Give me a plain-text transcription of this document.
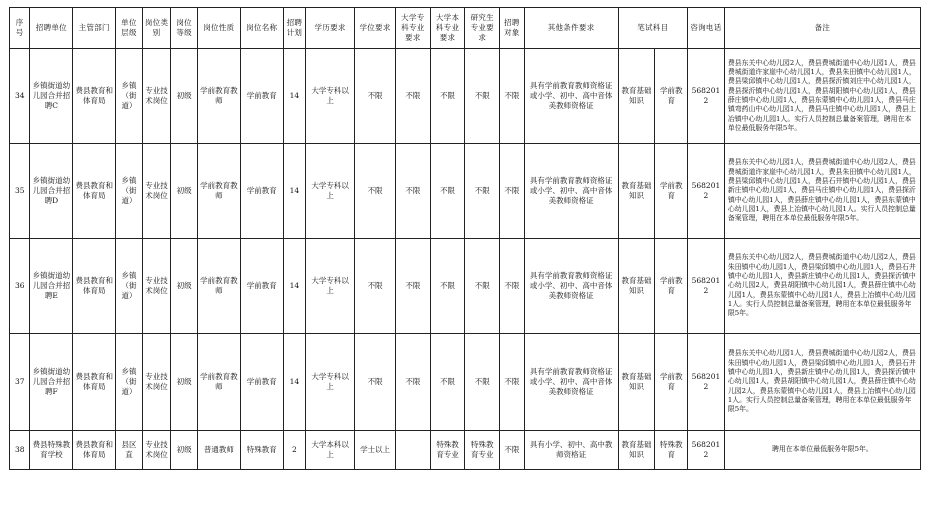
序号	招聘单位	主管部门	单位层级	岗位类别	岗位等级	岗位性质	岗位名称	招聘计划	学历要求	学位要求	大学专科专业要求	大学本科专业要求	研究生专业要求	招聘对象	其他条件要求	笔试科目		咨询电话	备注
34	乡镇街道幼儿园合并招聘C	费县教育和体育局	乡镇（街道）	专业技术岗位	初级	学前教育教师	学前教育	14	大学专科以上	不限	不限	不限	不限	不限	具有学前教育教师资格证或小学、初中、高中音体美教师资格证	教育基础知识	学前教育	5682012	费县东关中心幼儿园2人，费县费城街道中心幼儿园1人，费县费城街道许家崖中心幼儿园1人，费县朱田镇中心幼儿园1人，费县梁邱镇中心幼儿园1人，费县探沂镇刘庄中心幼儿园1人，费县探沂镇中心幼儿园1人，费县胡阳镇中心幼儿园1人，费县薛庄镇中心幼儿园1人，费县东蒙镇中心幼儿园1人，费县马庄镇弯药山中心幼儿园1人，费县马庄镇中心幼儿园1人，费县上冶镇中心幼儿园1人。实行人员控制总量备案管理，聘用在本单位最低服务年限5年。
35	乡镇街道幼儿园合并招聘D	费县教育和体育局	乡镇（街道）	专业技术岗位	初级	学前教育教师	学前教育	14	大学专科以上	不限	不限	不限	不限	不限	具有学前教育教师资格证或小学、初中、高中音体美教师资格证	教育基础知识	学前教育	5682012	费县东关中心幼儿园1人，费县费城街道中心幼儿园2人，费县费城街道许家崖中心幼儿园1人，费县朱田镇中心幼儿园1人，费县梁邱镇中心幼儿园1人，费县石井镇中心幼儿园1人，费县新庄镇中心幼儿园1人，费县马庄镇中心幼儿园1人，费县探沂镇中心幼儿园1人，费县薛庄镇中心幼儿园1人，费县东蒙镇中心幼儿园1人，费县上冶镇中心幼儿园1人。实行人员控制总量备案管理，聘用在本单位最低服务年限5年。
36	乡镇街道幼儿园合并招聘E	费县教育和体育局	乡镇（街道）	专业技术岗位	初级	学前教育教师	学前教育	14	大学专科以上	不限	不限	不限	不限	不限	具有学前教育教师资格证或小学、初中、高中音体美教师资格证	教育基础知识	学前教育	5682012	费县东关中心幼儿园2人，费县费城街道中心幼儿园2人，费县朱田镇中心幼儿园1人，费县梁邱镇中心幼儿园1人，费县石井镇中心幼儿园1人，费县新庄镇中心幼儿园1人，费县探沂镇中心幼儿园2人，费县胡阳镇中心幼儿园1人，费县薛庄镇中心幼儿园1人，费县东蒙镇中心幼儿园1人，费县上冶镇中心幼儿园1人。实行人员控制总量备案管理，聘用在本单位最低服务年限5年。
37	乡镇街道幼儿园合并招聘F	费县教育和体育局	乡镇（街道）	专业技术岗位	初级	学前教育教师	学前教育	14	大学专科以上	不限	不限	不限	不限	不限	具有学前教育教师资格证或小学、初中、高中音体美教师资格证	教育基础知识	学前教育	5682012	费县东关中心幼儿园1人，费县费城街道中心幼儿园2人，费县朱田镇中心幼儿园1人，费县梁邱镇中心幼儿园1人，费县石井镇中心幼儿园1人，费县新庄镇中心幼儿园1人，费县探沂镇中心幼儿园1人，费县胡阳镇中心幼儿园1人，费县薛庄镇中心幼儿园2人，费县东蒙镇中心幼儿园1人，费县上冶镇中心幼儿园1人。实行人员控制总量备案管理，聘用在本单位最低服务年限5年。
38	费县特殊教育学校	费县教育和体育局	县区直	专业技术岗位	初级	普通教师	特殊教育	2	大学本科以上	学士以上		特殊教育专业	特殊教育专业	不限	具有小学、初中、高中教师资格证	教育基础知识	特殊教育	5682012	聘用在本单位最低服务年限5年。
